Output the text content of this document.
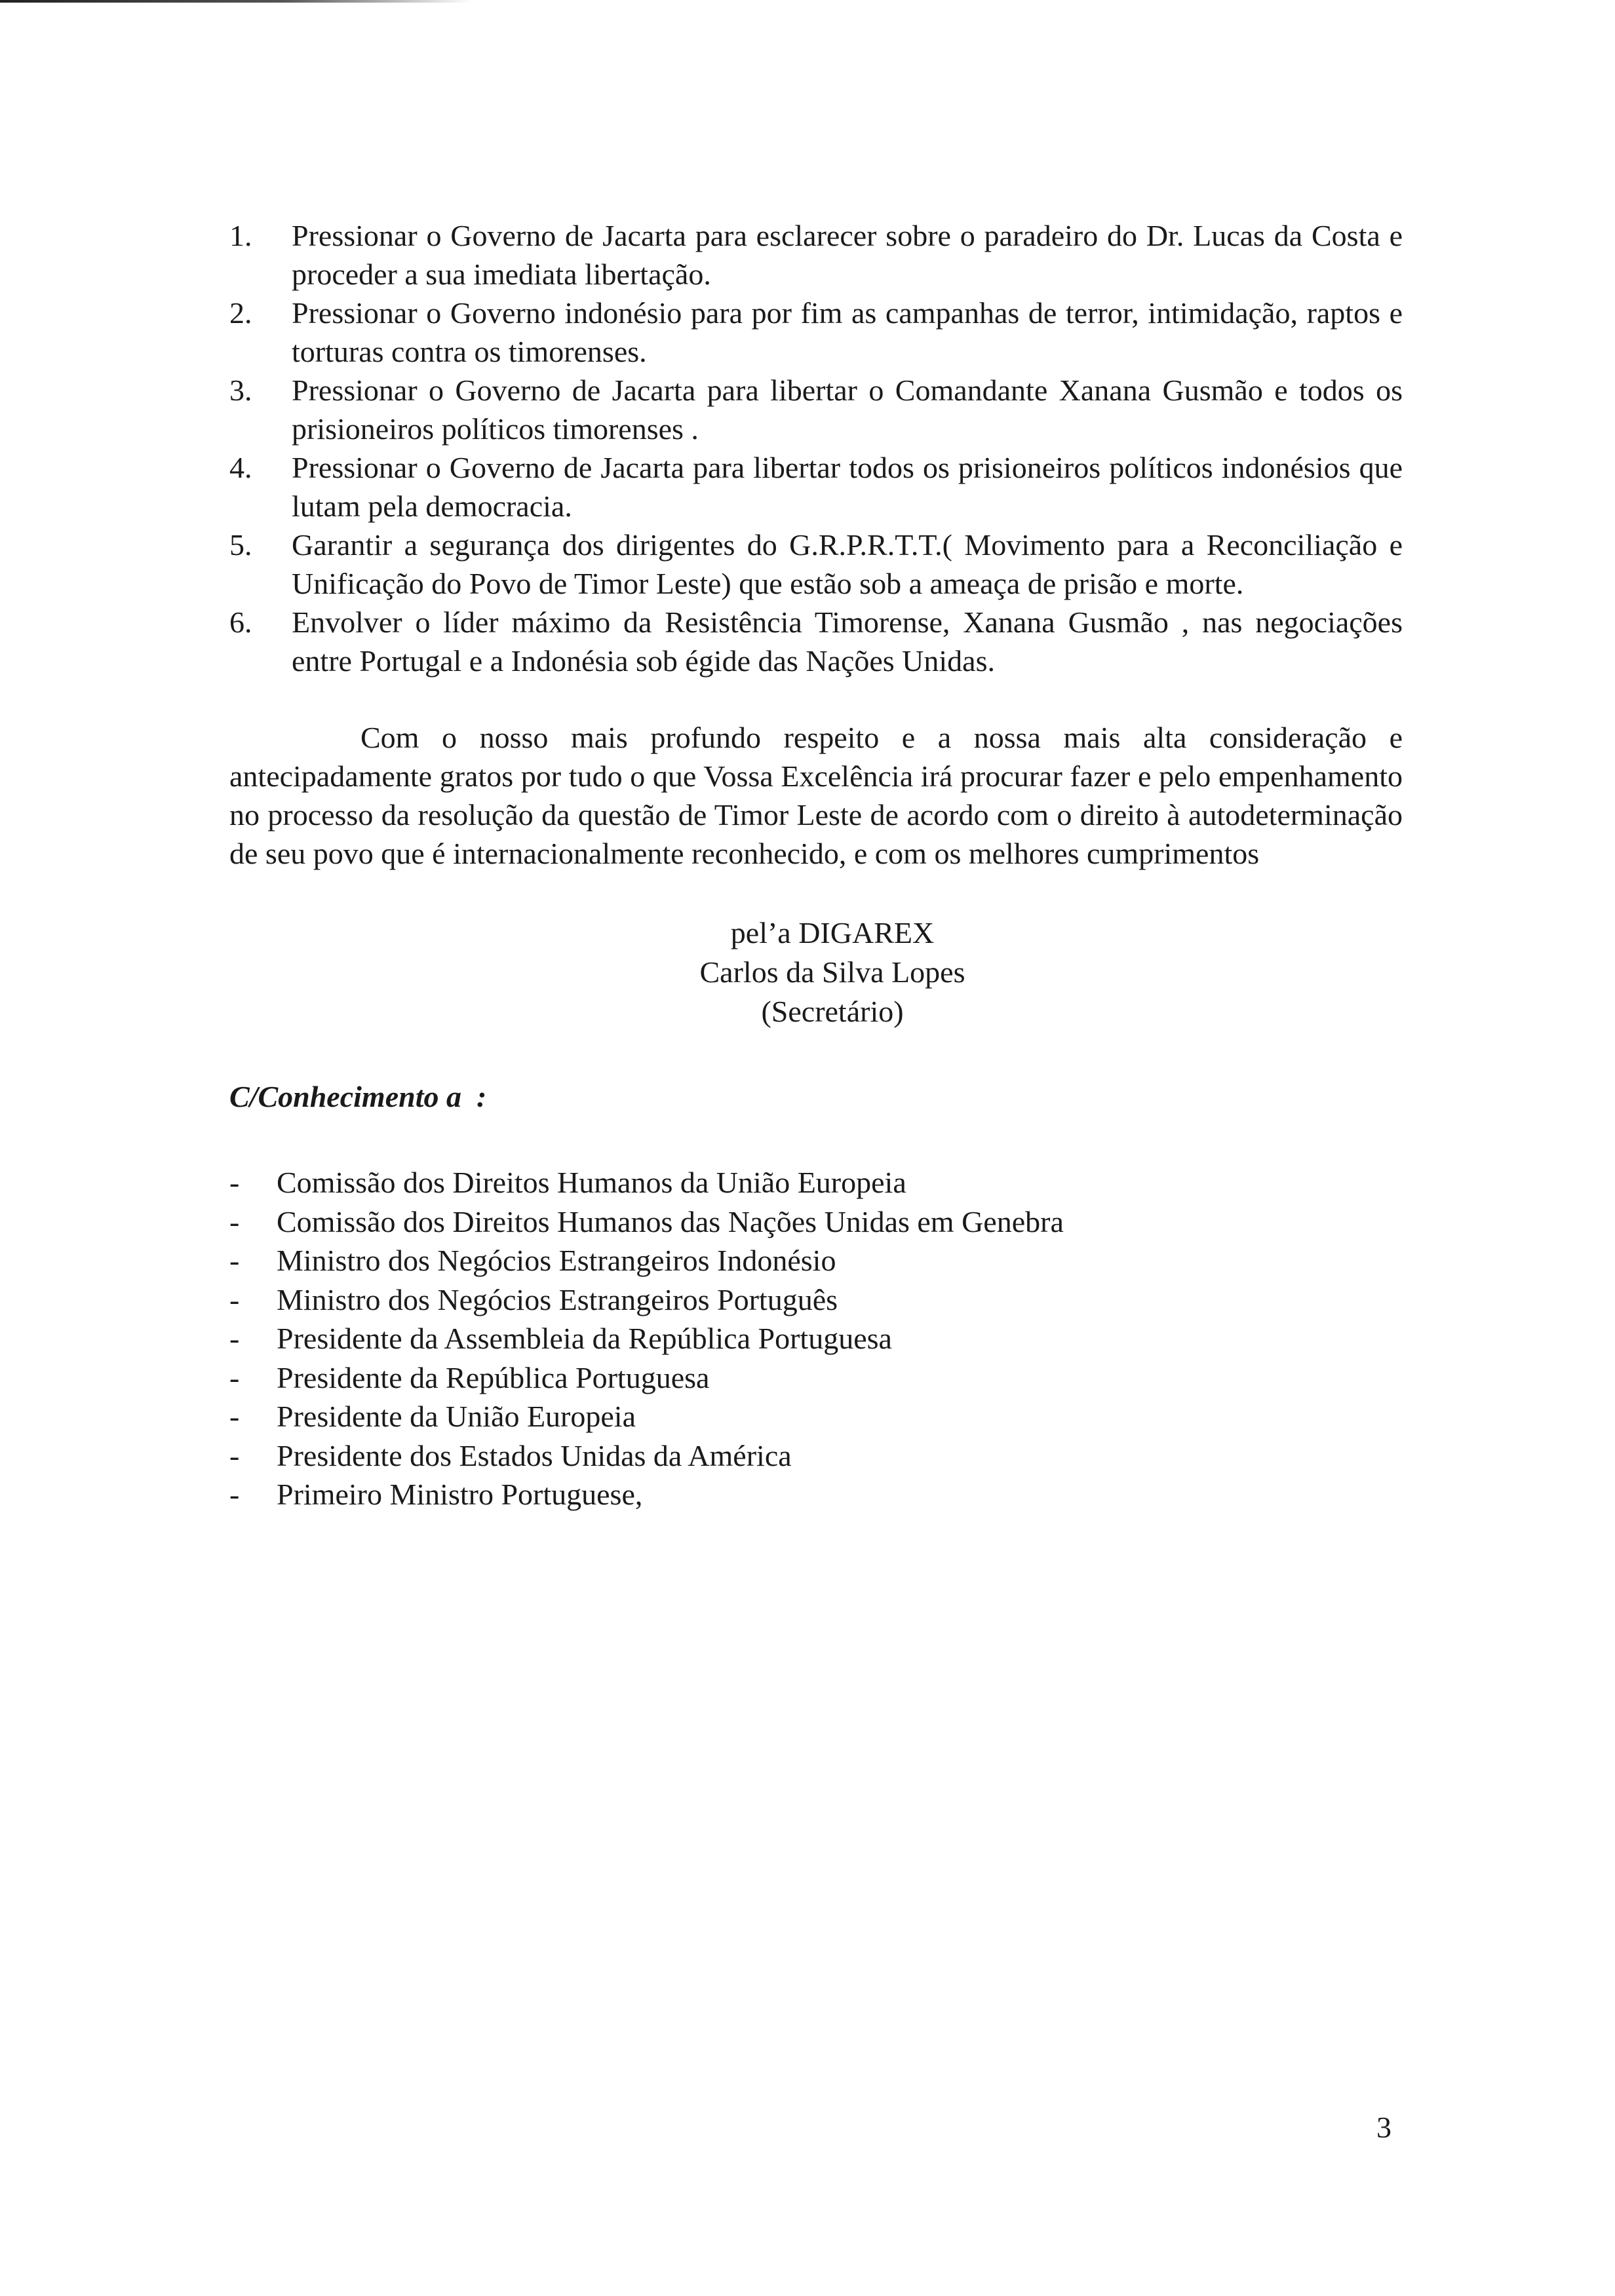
1.	Pressionar o Governo de Jacarta para esclarecer sobre o paradeiro do Dr. Lucas da Costa e proceder a sua imediata libertação.
2.	Pressionar o Governo indonésio para por fim as campanhas de terror, intimidação, raptos e torturas contra os timorenses.
3.	Pressionar o Governo de Jacarta para libertar o Comandante Xanana Gusmão e todos os prisioneiros políticos timorenses .
4.	Pressionar o Governo de Jacarta para libertar todos os prisioneiros políticos indonésios que lutam pela democracia.
5.	Garantir a segurança dos dirigentes do G.R.P.R.T.T.( Movimento para a Reconciliação e Unificação do Povo de Timor Leste) que estão sob a ameaça de prisão e morte.
6.	Envolver o líder máximo da Resistência Timorense, Xanana Gusmão , nas negociações entre Portugal e a Indonésia sob égide das Nações Unidas.

Com o nosso mais profundo respeito e a nossa mais alta consideração e antecipadamente gratos por tudo o que Vossa Excelência irá procurar fazer e pelo empenhamento no processo da resolução da questão de Timor Leste de acordo com o direito à autodeterminação de seu povo que é internacionalmente reconhecido, e com os melhores cumprimentos

pel’a DIGAREX
Carlos da Silva Lopes
(Secretário)
C/Conhecimento a  :
- Comissão dos Direitos Humanos da União Europeia
- Comissão dos Direitos Humanos das Nações Unidas em Genebra
- Ministro dos Negócios Estrangeiros Indonésio
- Ministro dos Negócios Estrangeiros Português
- Presidente da Assembleia da República Portuguesa
- Presidente da República Portuguesa
- Presidente da União Europeia
- Presidente dos Estados Unidas da América
- Primeiro Ministro Portuguese,
3
